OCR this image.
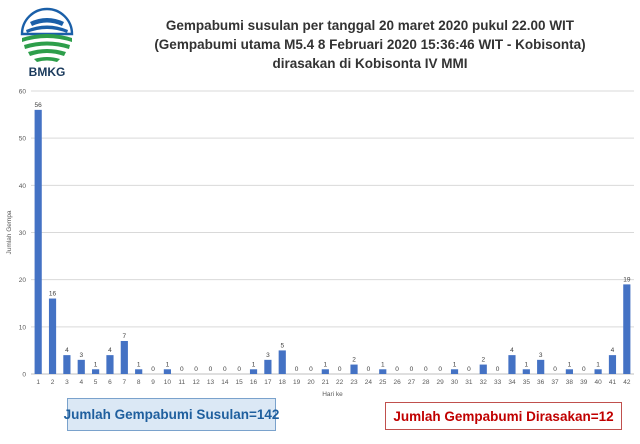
BMKG
Gempabumi susulan per tanggal 20 maret 2020 pukul 22.00 WIT
(Gempabumi utama M5.4 8 Februari 2020 15:36:46 WIT - Kobisonta)
dirasakan di Kobisonta IV MMI
0
10
20
30
40
50
60
56
1
16
2
4
3
3
4
1
5
4
6
7
7
1
8
0
9
1
10
0
11
0
12
0
13
0
14
0
15
1
16
3
17
5
18
0
19
0
20
1
21
0
22
2
23
0
24
1
25
0
26
0
27
0
28
0
29
1
30
0
31
2
32
0
33
4
34
1
35
3
36
0
37
1
38
0
39
1
40
4
41
19
42
Hari ke
Jumlah Gempa
Jumlah Gempabumi Susulan=142	Jumlah Gempabumi Dirasakan=12
